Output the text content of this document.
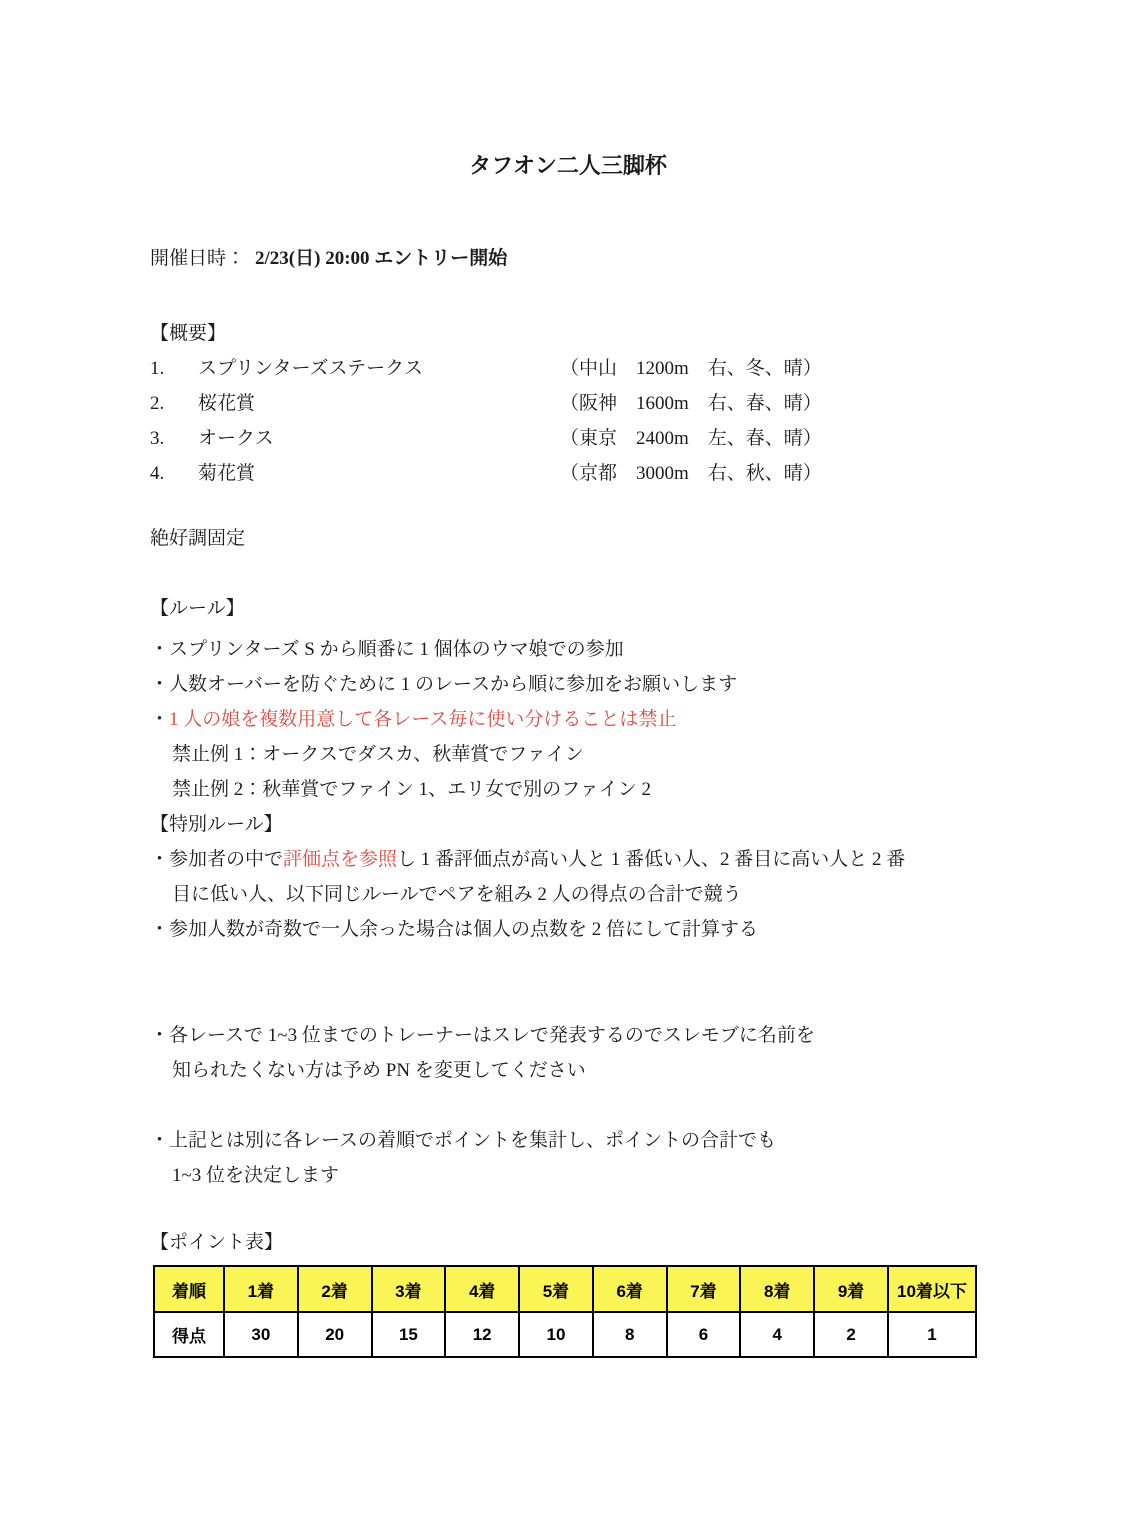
タフオン二人三脚杯
開催日時： 2/23(日) 20:00 エントリー開始
【概要】
1.	スプリンターズステークス	（中山　1200m　右、冬、晴）
2.	桜花賞	（阪神　1600m　右、春、晴）
3.	オークス	（東京　2400m　左、春、晴）
4.	菊花賞	（京都　3000m　右、秋、晴）
絶好調固定
【ルール】
・スプリンターズ S から順番に 1 個体のウマ娘での参加
・人数オーバーを防ぐために 1 のレースから順に参加をお願いします
・1 人の娘を複数用意して各レース毎に使い分けることは禁止
禁止例 1：オークスでダスカ、秋華賞でファイン
禁止例 2：秋華賞でファイン 1、エリ女で別のファイン 2
【特別ルール】
・参加者の中で評価点を参照し 1 番評価点が高い人と 1 番低い人、2 番目に高い人と 2 番
目に低い人、以下同じルールでペアを組み 2 人の得点の合計で競う
・参加人数が奇数で一人余った場合は個人の点数を 2 倍にして計算する
・各レースで 1~3 位までのトレーナーはスレで発表するのでスレモブに名前を
知られたくない方は予め PN を変更してください
・上記とは別に各レースの着順でポイントを集計し、ポイントの合計でも
1~3 位を決定します
【ポイント表】
着順	1着	2着	3着	4着	5着	6着	7着	8着	9着	10着以下
得点	30	20	15	12	10	8	6	4	2	1
